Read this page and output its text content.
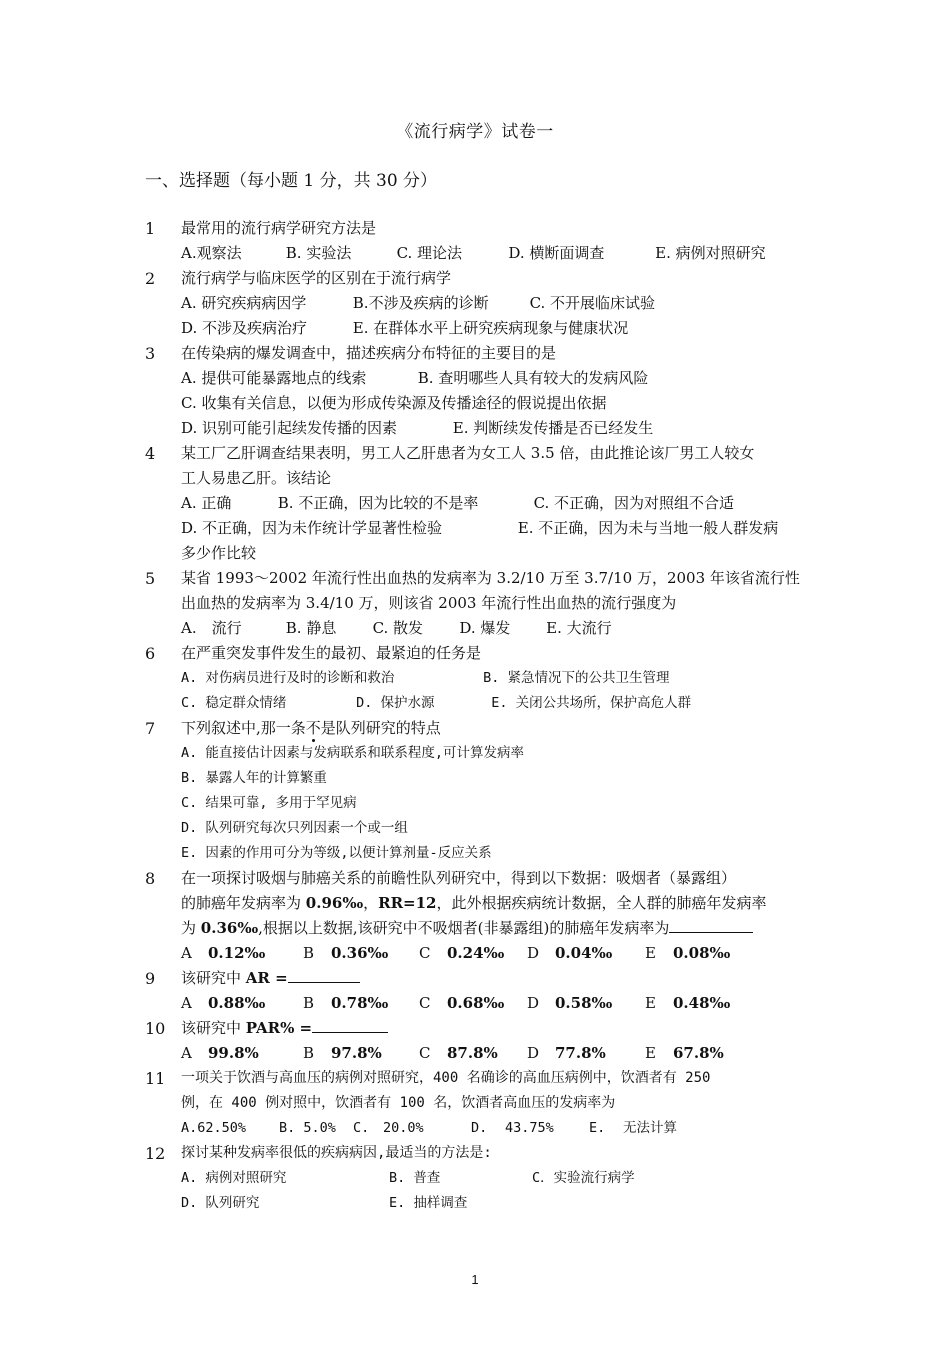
《流行病学》试卷一
一、选择题（每小题 1 分，共 30 分）
1	最常用的流行病学研究方法是
A.观察法	B. 实验法	C. 理论法	D. 横断面调查	E. 病例对照研究
2	流行病学与临床医学的区别在于流行病学
A. 研究疾病病因学	B.不涉及疾病的诊断	C. 不开展临床试验
D. 不涉及疾病治疗	E. 在群体水平上研究疾病现象与健康状况
3	在传染病的爆发调查中，描述疾病分布特征的主要目的是
A. 提供可能暴露地点的线索	B. 查明哪些人具有较大的发病风险
C. 收集有关信息，以便为形成传染源及传播途径的假说提出依据
D. 识别可能引起续发传播的因素	E. 判断续发传播是否已经发生
4	某工厂乙肝调查结果表明，男工人乙肝患者为女工人 3.5 倍，由此推论该厂男工人较女
工人易患乙肝。该结论
A. 正确	B. 不正确，因为比较的不是率	C. 不正确，因为对照组不合适
D. 不正确，因为未作统计学显著性检验	E. 不正确，因为未与当地一般人群发病
多少作比较
5	某省 1993～2002 年流行性出血热的发病率为 3.2/10 万至 3.7/10 万，2003 年该省流行性
出血热的发病率为 3.4/10 万，则该省 2003 年流行性出血热的流行强度为
A.　流行	B. 静息 C. 散发 D. 爆发 E. 大流行
6	在严重突发事件发生的最初、最紧迫的任务是
A. 对伤病员进行及时的诊断和救治	B. 紧急情况下的公共卫生管理
C. 稳定群众情绪	D. 保护水源	E. 关闭公共场所，保护高危人群
7	下列叙述中,那一条不是队列研究的特点
A. 能直接估计因素与发病联系和联系程度,可计算发病率
B. 暴露人年的计算繁重
C. 结果可靠, 多用于罕见病
D. 队列研究每次只列因素一个或一组
E. 因素的作用可分为等级,以便计算剂量-反应关系
8	在一项探讨吸烟与肺癌关系的前瞻性队列研究中，得到以下数据：吸烟者（暴露组）
的肺癌年发病率为 0.96‰，RR=12，此外根据疾病统计数据，全人群的肺癌年发病率
为 0.36‰,根据以上数据,该研究中不吸烟者(非暴露组)的肺癌年发病率为
A 0.12‰	B 0.36‰ C 0.24‰ D 0.04‰ E 0.08‰
9	该研究中 AR =
A 0.88‰	B 0.78‰ C 0.68‰ D 0.58‰ E 0.48‰
10	该研究中 PAR% =
A 99.8%	B 97.8% C 87.8% D 77.8%	E 67.8%
11	一项关于饮酒与高血压的病例对照研究，400 名确诊的高血压病例中，饮酒者有 250
例，在 400 例对照中，饮酒者有 100 名，饮酒者高血压的发病率为
A.62.50% B. 5.0% C. 20.0%	D. 43.75%	E. 无法计算
12	探讨某种发病率很低的疾病病因,最适当的方法是:
A. 病例对照研究	B. 普查	C．实验流行病学
D. 队列研究	E. 抽样调查
1
